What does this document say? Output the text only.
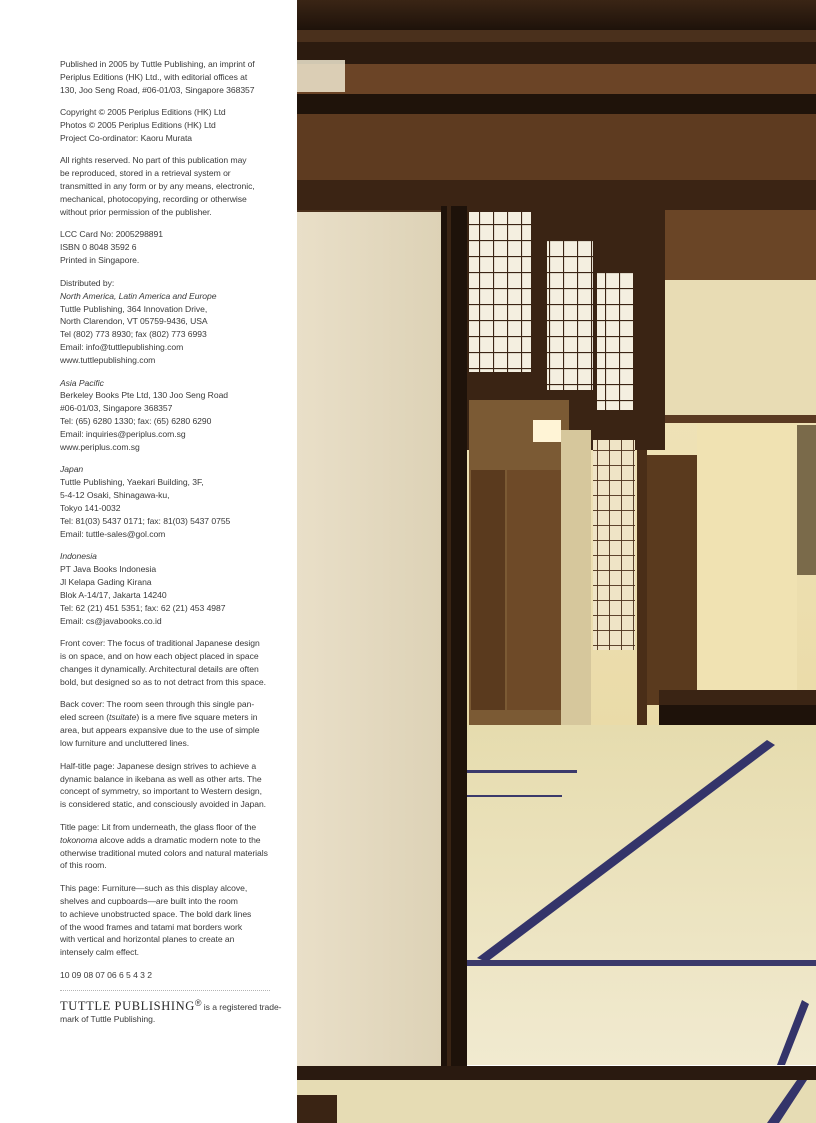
Published in 2005 by Tuttle Publishing, an imprint of
Periplus Editions (HK) Ltd., with editorial offices at
130, Joo Seng Road, #06-01/03, Singapore 368357
Copyright © 2005 Periplus Editions (HK) Ltd
Photos © 2005 Periplus Editions (HK) Ltd
Project Co-ordinator: Kaoru Murata
All rights reserved. No part of this publication may
be reproduced, stored in a retrieval system or
transmitted in any form or by any means, electronic,
mechanical, photocopying, recording or otherwise
without prior permission of the publisher.
LCC Card No: 2005298891
ISBN 0 8048 3592 6
Printed in Singapore.
Distributed by:
North America, Latin America and Europe
Tuttle Publishing, 364 Innovation Drive,
North Clarendon, VT 05759-9436, USA
Tel (802) 773 8930; fax (802) 773 6993
Email: info@tuttlepublishing.com
www.tuttlepublishing.com
Asia Pacific
Berkeley Books Pte Ltd, 130 Joo Seng Road
#06-01/03, Singapore 368357
Tel: (65) 6280 1330; fax: (65) 6280 6290
Email: inquiries@periplus.com.sg
www.periplus.com.sg
Japan
Tuttle Publishing, Yaekari Building, 3F,
5-4-12 Osaki, Shinagawa-ku,
Tokyo 141-0032
Tel: 81(03) 5437 0171; fax: 81(03) 5437 0755
Email: tuttle-sales@gol.com
Indonesia
PT Java Books Indonesia
Jl Kelapa Gading Kirana
Blok A-14/17, Jakarta 14240
Tel: 62 (21) 451 5351; fax: 62 (21) 453 4987
Email: cs@javabooks.co.id
Front cover: The focus of traditional Japanese design
is on space, and on how each object placed in space
changes it dynamically. Architectural details are often
bold, but designed so as to not detract from this space.
Back cover: The room seen through this single pan-
eled screen (tsuitate) is a mere five square meters in
area, but appears expansive due to the use of simple
low furniture and uncluttered lines.
Half-title page: Japanese design strives to achieve a
dynamic balance in ikebana as well as other arts. The
concept of symmetry, so important to Western design,
is considered static, and consciously avoided in Japan.
Title page: Lit from underneath, the glass floor of the
tokonoma alcove adds a dramatic modern note to the
otherwise traditional muted colors and natural materials
of this room.
This page: Furniture—such as this display alcove,
shelves and cupboards—are built into the room
to achieve unobstructed space. The bold dark lines
of the wood frames and tatami mat borders work
with vertical and horizontal planes to create an
intensely calm effect.
10 09 08 07 06 6 5 4 3 2
TUTTLE PUBLISHING® is a registered trade-
mark of Tuttle Publishing.
